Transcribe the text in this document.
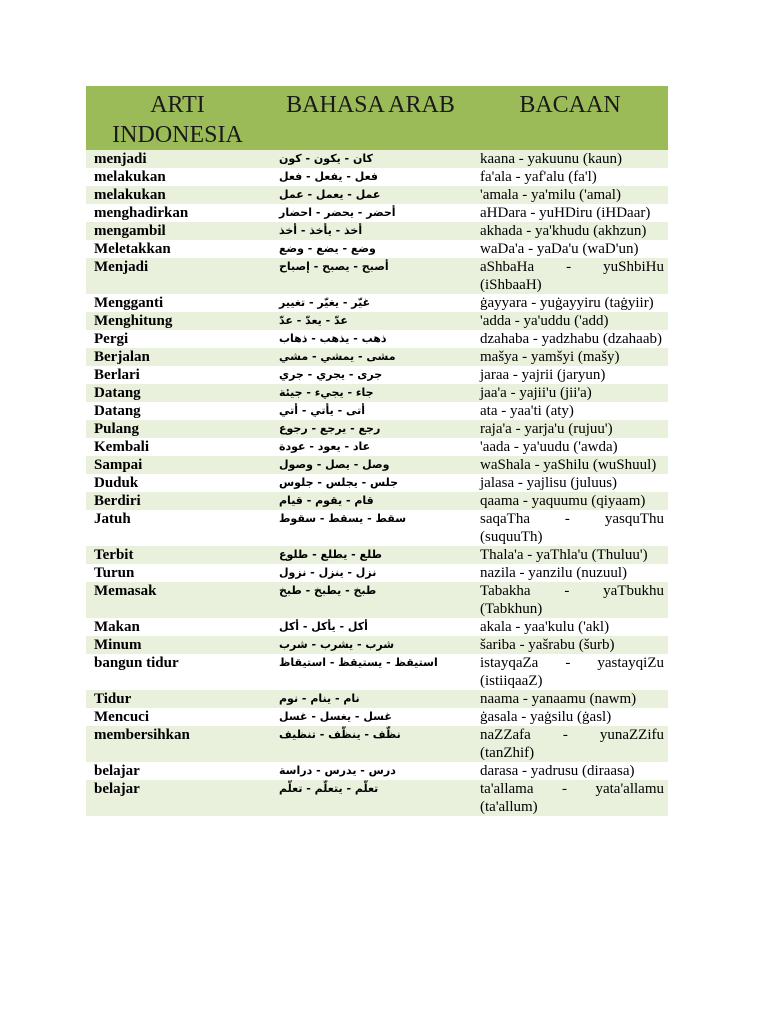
ARTI INDONESIA	BAHASA ARAB	BACAAN
menjadi	كان - يكون - كون	kaana - yakuunu (kaun)
melakukan	فعل - يفعل - فعل	fa'ala - yaf'alu (fa'l)
melakukan	عمل - يعمل - عمل	'amala - ya'milu ('amal)
menghadirkan	أحضر - يحضر - احضار	aHDara - yuHDiru (iHDaar)
mengambil	أخذ - يأخذ - أخذ	akhada - ya'khudu (akhzun)
Meletakkan	وضع - يضع - وضع	waDa'a - yaDa'u (waD'un)
Menjadi	أصبح - يصبح - إصباح	aShbaHa - yuShbiHu (iShbaaH)
Mengganti	غيّر - يغيّر - تغيير	ġayyara - yuġayyiru (taġyiir)
Menghitung	عدّ - يعدّ - عدّ	'adda - ya'uddu ('add)
Pergi	ذهب - يذهب - ذهاب	dzahaba - yadzhabu (dzahaab)
Berjalan	مشى - يمشي - مشي	mašya - yamšyi (mašy)
Berlari	جرى - يجري - جري	jaraa - yajrii (jaryun)
Datang	جاء - يجيء - جيئة	jaa'a - yajii'u (jii'a)
Datang	أتى - يأتي - أتي	ata - yaa'ti (aty)
Pulang	رجع - يرجع - رجوع	raja'a - yarja'u (rujuu')
Kembali	عاد - يعود - عودة	'aada - ya'uudu ('awda)
Sampai	وصل - يصل - وصول	waShala - yaShilu (wuShuul)
Duduk	جلس - يجلس - جلوس	jalasa - yajlisu (juluus)
Berdiri	قام - يقوم - قيام	qaama - yaquumu (qiyaam)
Jatuh	سقط - يسقط - سقوط	saqaTha - yasquThu (suquuTh)
Terbit	طلع - يطلع - طلوع	Thala'a - yaThla'u (Thuluu')
Turun	نزل - ينزل - نزول	nazila - yanzilu (nuzuul)
Memasak	طبخ - يطبخ - طبخ	Tabakha - yaTbukhu (Tabkhun)
Makan	أكل - يأكل - أكل	akala - yaa'kulu ('akl)
Minum	شرب - يشرب - شرب	šariba - yašrabu (šurb)
bangun tidur	استيقظ - يستيقظ - استيقاظ	istayqaZa - yastayqiZu (istiiqaaZ)
Tidur	نام - ينام - نوم	naama - yanaamu (nawm)
Mencuci	غسل - يغسل - غسل	ġasala - yaġsilu (ġasl)
membersihkan	نظّف - ينظّف - تنظيف	naZZafa - yunaZZifu (tanZhif)
belajar	درس - يدرس - دراسة	darasa - yadrusu (diraasa)
belajar	تعلّم - يتعلّم - تعلّم	ta'allama - yata'allamu (ta'allum)
